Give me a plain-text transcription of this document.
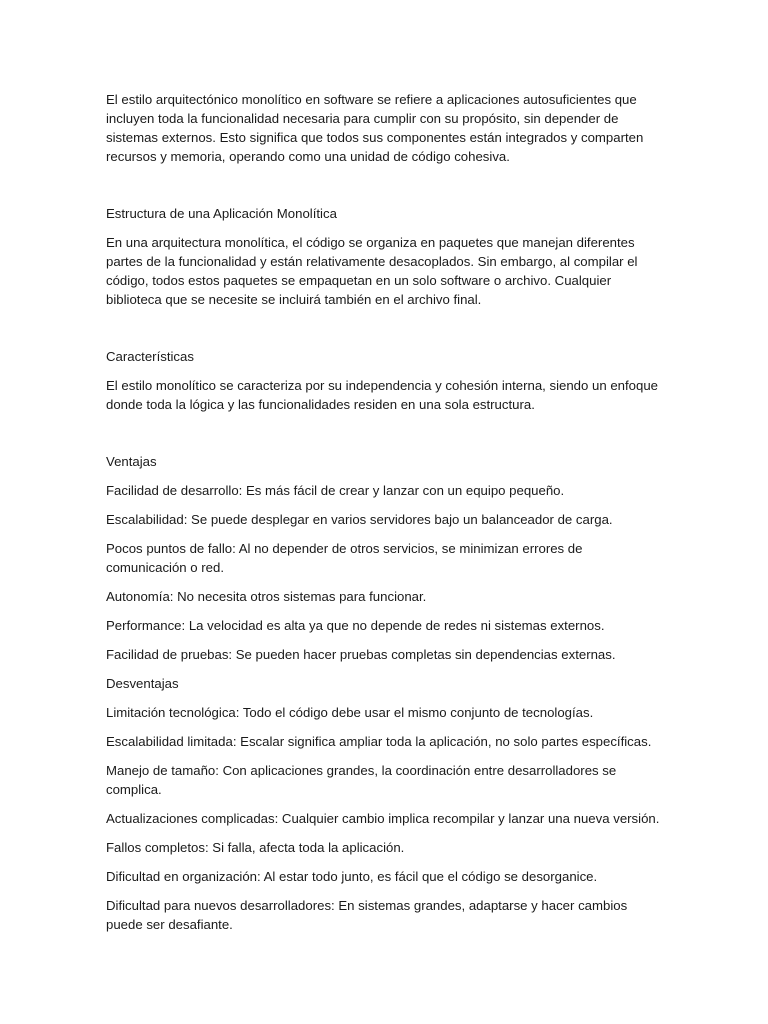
El estilo arquitectónico monolítico en software se refiere a aplicaciones autosuficientes que incluyen toda la funcionalidad necesaria para cumplir con su propósito, sin depender de sistemas externos. Esto significa que todos sus componentes están integrados y comparten recursos y memoria, operando como una unidad de código cohesiva.

Estructura de una Aplicación Monolítica

En una arquitectura monolítica, el código se organiza en paquetes que manejan diferentes partes de la funcionalidad y están relativamente desacoplados. Sin embargo, al compilar el código, todos estos paquetes se empaquetan en un solo software o archivo. Cualquier biblioteca que se necesite se incluirá también en el archivo final.

Características

El estilo monolítico se caracteriza por su independencia y cohesión interna, siendo un enfoque donde toda la lógica y las funcionalidades residen en una sola estructura.

Ventajas

Facilidad de desarrollo: Es más fácil de crear y lanzar con un equipo pequeño.

Escalabilidad: Se puede desplegar en varios servidores bajo un balanceador de carga.

Pocos puntos de fallo: Al no depender de otros servicios, se minimizan errores de comunicación o red.

Autonomía: No necesita otros sistemas para funcionar.

Performance: La velocidad es alta ya que no depende de redes ni sistemas externos.

Facilidad de pruebas: Se pueden hacer pruebas completas sin dependencias externas.

Desventajas

Limitación tecnológica: Todo el código debe usar el mismo conjunto de tecnologías.

Escalabilidad limitada: Escalar significa ampliar toda la aplicación, no solo partes específicas.

Manejo de tamaño: Con aplicaciones grandes, la coordinación entre desarrolladores se complica.

Actualizaciones complicadas: Cualquier cambio implica recompilar y lanzar una nueva versión.

Fallos completos: Si falla, afecta toda la aplicación.

Dificultad en organización: Al estar todo junto, es fácil que el código se desorganice.

Dificultad para nuevos desarrolladores: En sistemas grandes, adaptarse y hacer cambios puede ser desafiante.
